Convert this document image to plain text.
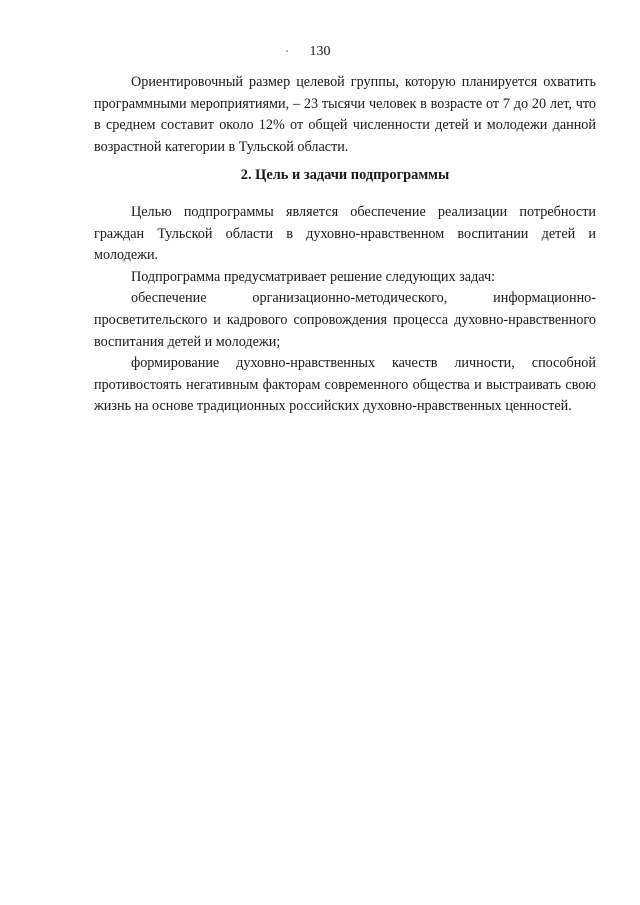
130

Ориентировочный размер целевой группы, которую планируется охватить программными мероприятиями, – 23 тысячи человек в возрасте от 7 до 20 лет, что в среднем составит около 12% от общей численности детей и молодежи данной возрастной категории в Тульской области.

2. Цель и задачи подпрограммы

Целью подпрограммы является обеспечение реализации потребности граждан Тульской области в духовно-нравственном воспитании детей и молодежи.

Подпрограмма предусматривает решение следующих задач:

обеспечение организационно-методического, информационно-просветительского и кадрового сопровождения процесса духовно-нравственного воспитания детей и молодежи;

формирование духовно-нравственных качеств личности, способной противостоять негативным факторам современного общества и выстраивать свою жизнь на основе традиционных российских духовно-нравственных ценностей.
